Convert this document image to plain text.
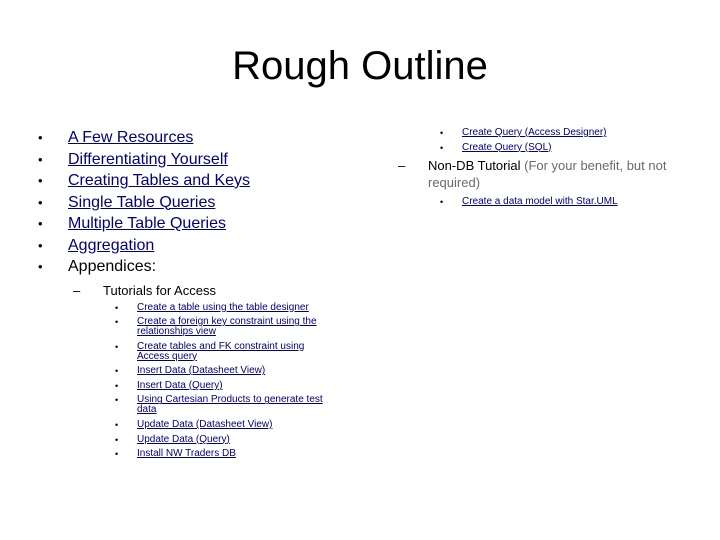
Rough Outline
• A Few Resources
• Differentiating Yourself
• Creating Tables and Keys
• Single Table Queries
• Multiple Table Queries
• Aggregation
• Appendices:
– Tutorials for Access
• Create a table using the table designer
• Create a foreign key constraint using the relationships view
• Create tables and FK constraint using Access query
• Insert Data (Datasheet View)
• Insert Data (Query)
• Using Cartesian Products to generate test data
• Update Data (Datasheet View)
• Update Data (Query)
• Install NW Traders DB
• Create Query (Access Designer)
• Create Query (SQL)
– Non-DB Tutorial (For your benefit, but not required)
• Create a data model with Star.UML
